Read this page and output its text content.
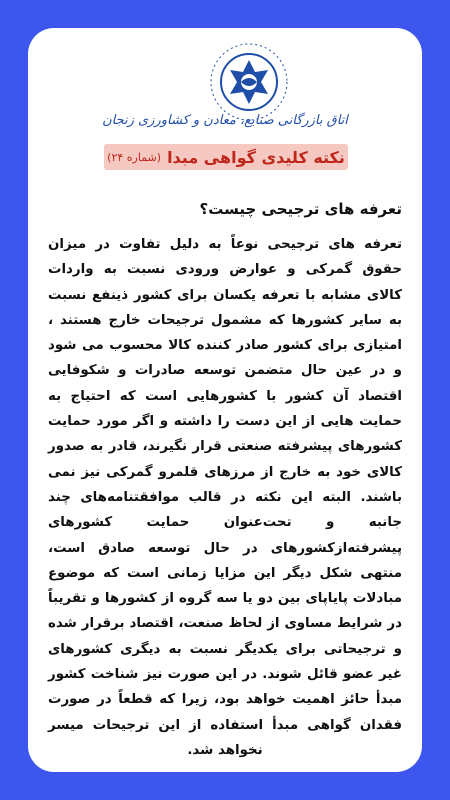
اتاق بازرگانی صنایع، معادن و کشاورزی زنجان
نکته کلیدی گواهی مبدا
(شماره ۲۴)
تعرفه های ترجیحی چیست؟
تعرفه های ترجیحی نوعاً به دلیل تفاوت در میزان حقوق گمرکی و عوارض ورودی نسبت به واردات کالای مشابه با تعرفه یکسان برای کشور ذینفع نسبت به سایر کشورها که مشمول ترجیحات خارج هستند ، امتیازی برای کشور صادر کننده کالا محسوب می شود و در عین حال متضمن توسعه صادرات و شکوفایی اقتصاد آن کشور با کشورهایی است که احتیاج به حمایت هایی از این دست را داشته و اگر مورد حمایت کشورهای پیشرفته صنعتی قرار نگیرند، قادر به صدور کالای خود به خارج از مرزهای قلمرو گمرکی نیز نمی باشند. البته این نکته در قالب موافقتنامه‌های چند جانبه و تحت‌عنوان حمایت کشورهای پیشرفته‌ازکشورهای در حال توسعه صادق است، منتهی شکل دیگر این مزایا زمانی است که موضوع مبادلات پایاپای بین دو یا سه گروه از کشورها و تقریباً در شرایط مساوی از لحاظ صنعت، اقتصاد برقرار شده و ترجیحاتی برای یکدیگر نسبت به دیگری کشورهای غیر عضو قائل شوند. در این صورت نیز شناخت کشور مبدأ حائز اهمیت خواهد بود، زیرا که قطعاً در صورت فقدان گواهی مبدأ استفاده از این ترجیحات میسر نخواهد شد.
